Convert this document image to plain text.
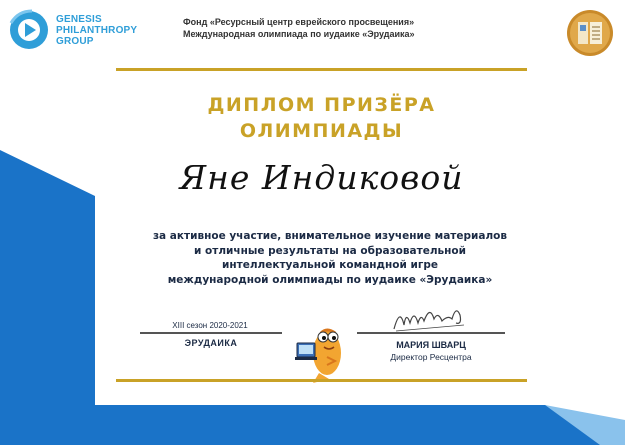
GENESIS
PHILANTHROPY
GROUP
Фонд «Ресурсный центр еврейского просвещения»
Международная олимпиада по иудаике «Эрудаика»
ДИПЛОМ ПРИЗЁРА
ОЛИМПИАДЫ
Яне Индиковой
за активное участие, внимательное изучение материалов
и отличные результаты на образовательной
интеллектуальной командной игре
международной олимпиады по иудаике «Эрудаика»
XIII сезон 2020-2021
ЭРУДАИКА	МАРИЯ ШВАРЦ
Директор Ресцентра
